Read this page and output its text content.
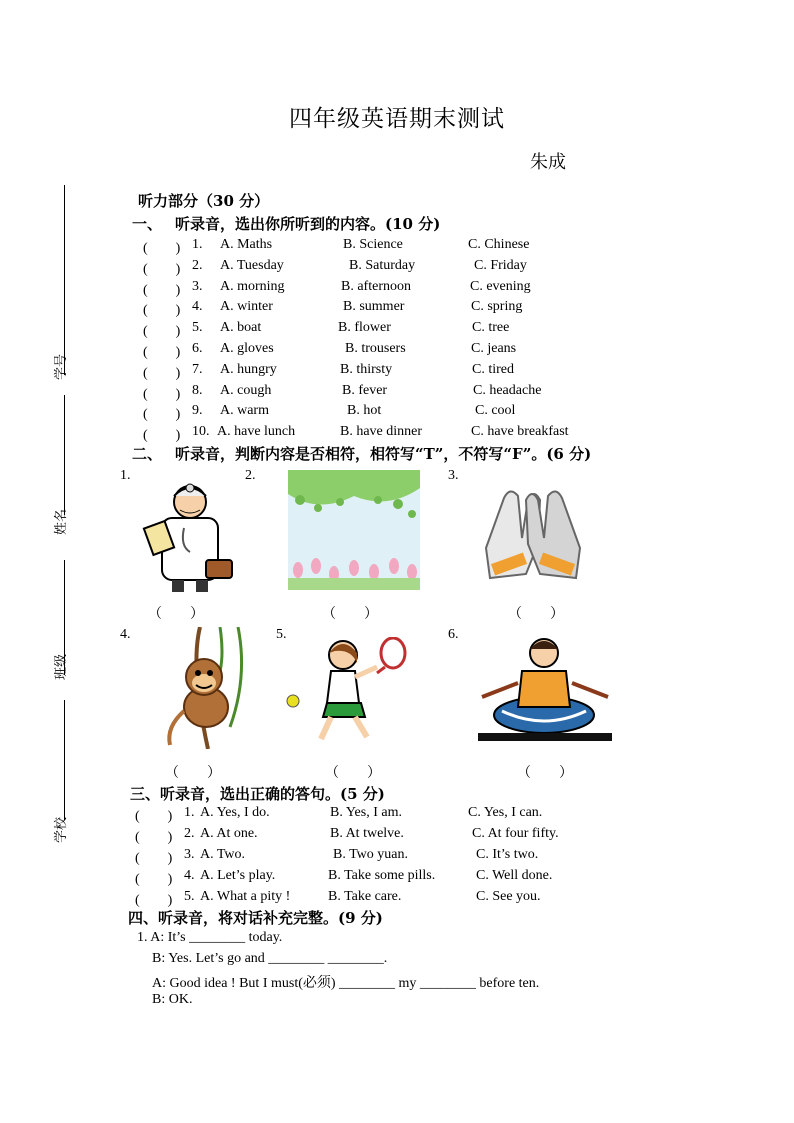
四年级英语期末测试
朱成
学号
姓名
班级
学校
听力部分（30 分）
一、 听录音，选出你所听到的内容。(10 分)
(　　) 1. A. Maths	B. Science	C. Chinese
(　　) 2. A. Tuesday	B. Saturday	C. Friday
(　　) 3. A. morning	B. afternoon	C. evening
(　　) 4. A. winter	B. summer	C. spring
(　　) 5. A. boat	B. flower	C. tree
(　　) 6. A. gloves	B. trousers	C. jeans
(　　) 7. A. hungry	B. thirsty	C. tired
(　　) 8. A. cough	B. fever	C. headache
(　　) 9. A. warm	B. hot	C. cool
(　　) 10. A. have lunch	B. have dinner	C. have breakfast
二、 听录音，判断内容是否相符，相符写“T”，不符写“F”。(6 分)
1.	2.	3.
4.	5.	6.
（　　）	（　　）	（　　）
（　　）	（　　）	（　　）
三、听录音，选出正确的答句。(5 分)
(　　) 1. A. Yes, I do.	B. Yes, I am.	C. Yes, I can.
(　　) 2. A. At one.	B. At twelve.	C. At four fifty.
(　　) 3. A. Two.	B. Two yuan.	C. It’s two.
(　　) 4. A. Let’s play.	B. Take some pills.	C. Well done.
(　　) 5. A. What a pity !	B. Take care.	C. See you.
四、听录音，将对话补充完整。(9 分)
1. A: It’s ________ today.
B: Yes. Let’s go and ________ ________.
A: Good idea ! But I must(必须) ________ my ________ before ten.
B: OK.
